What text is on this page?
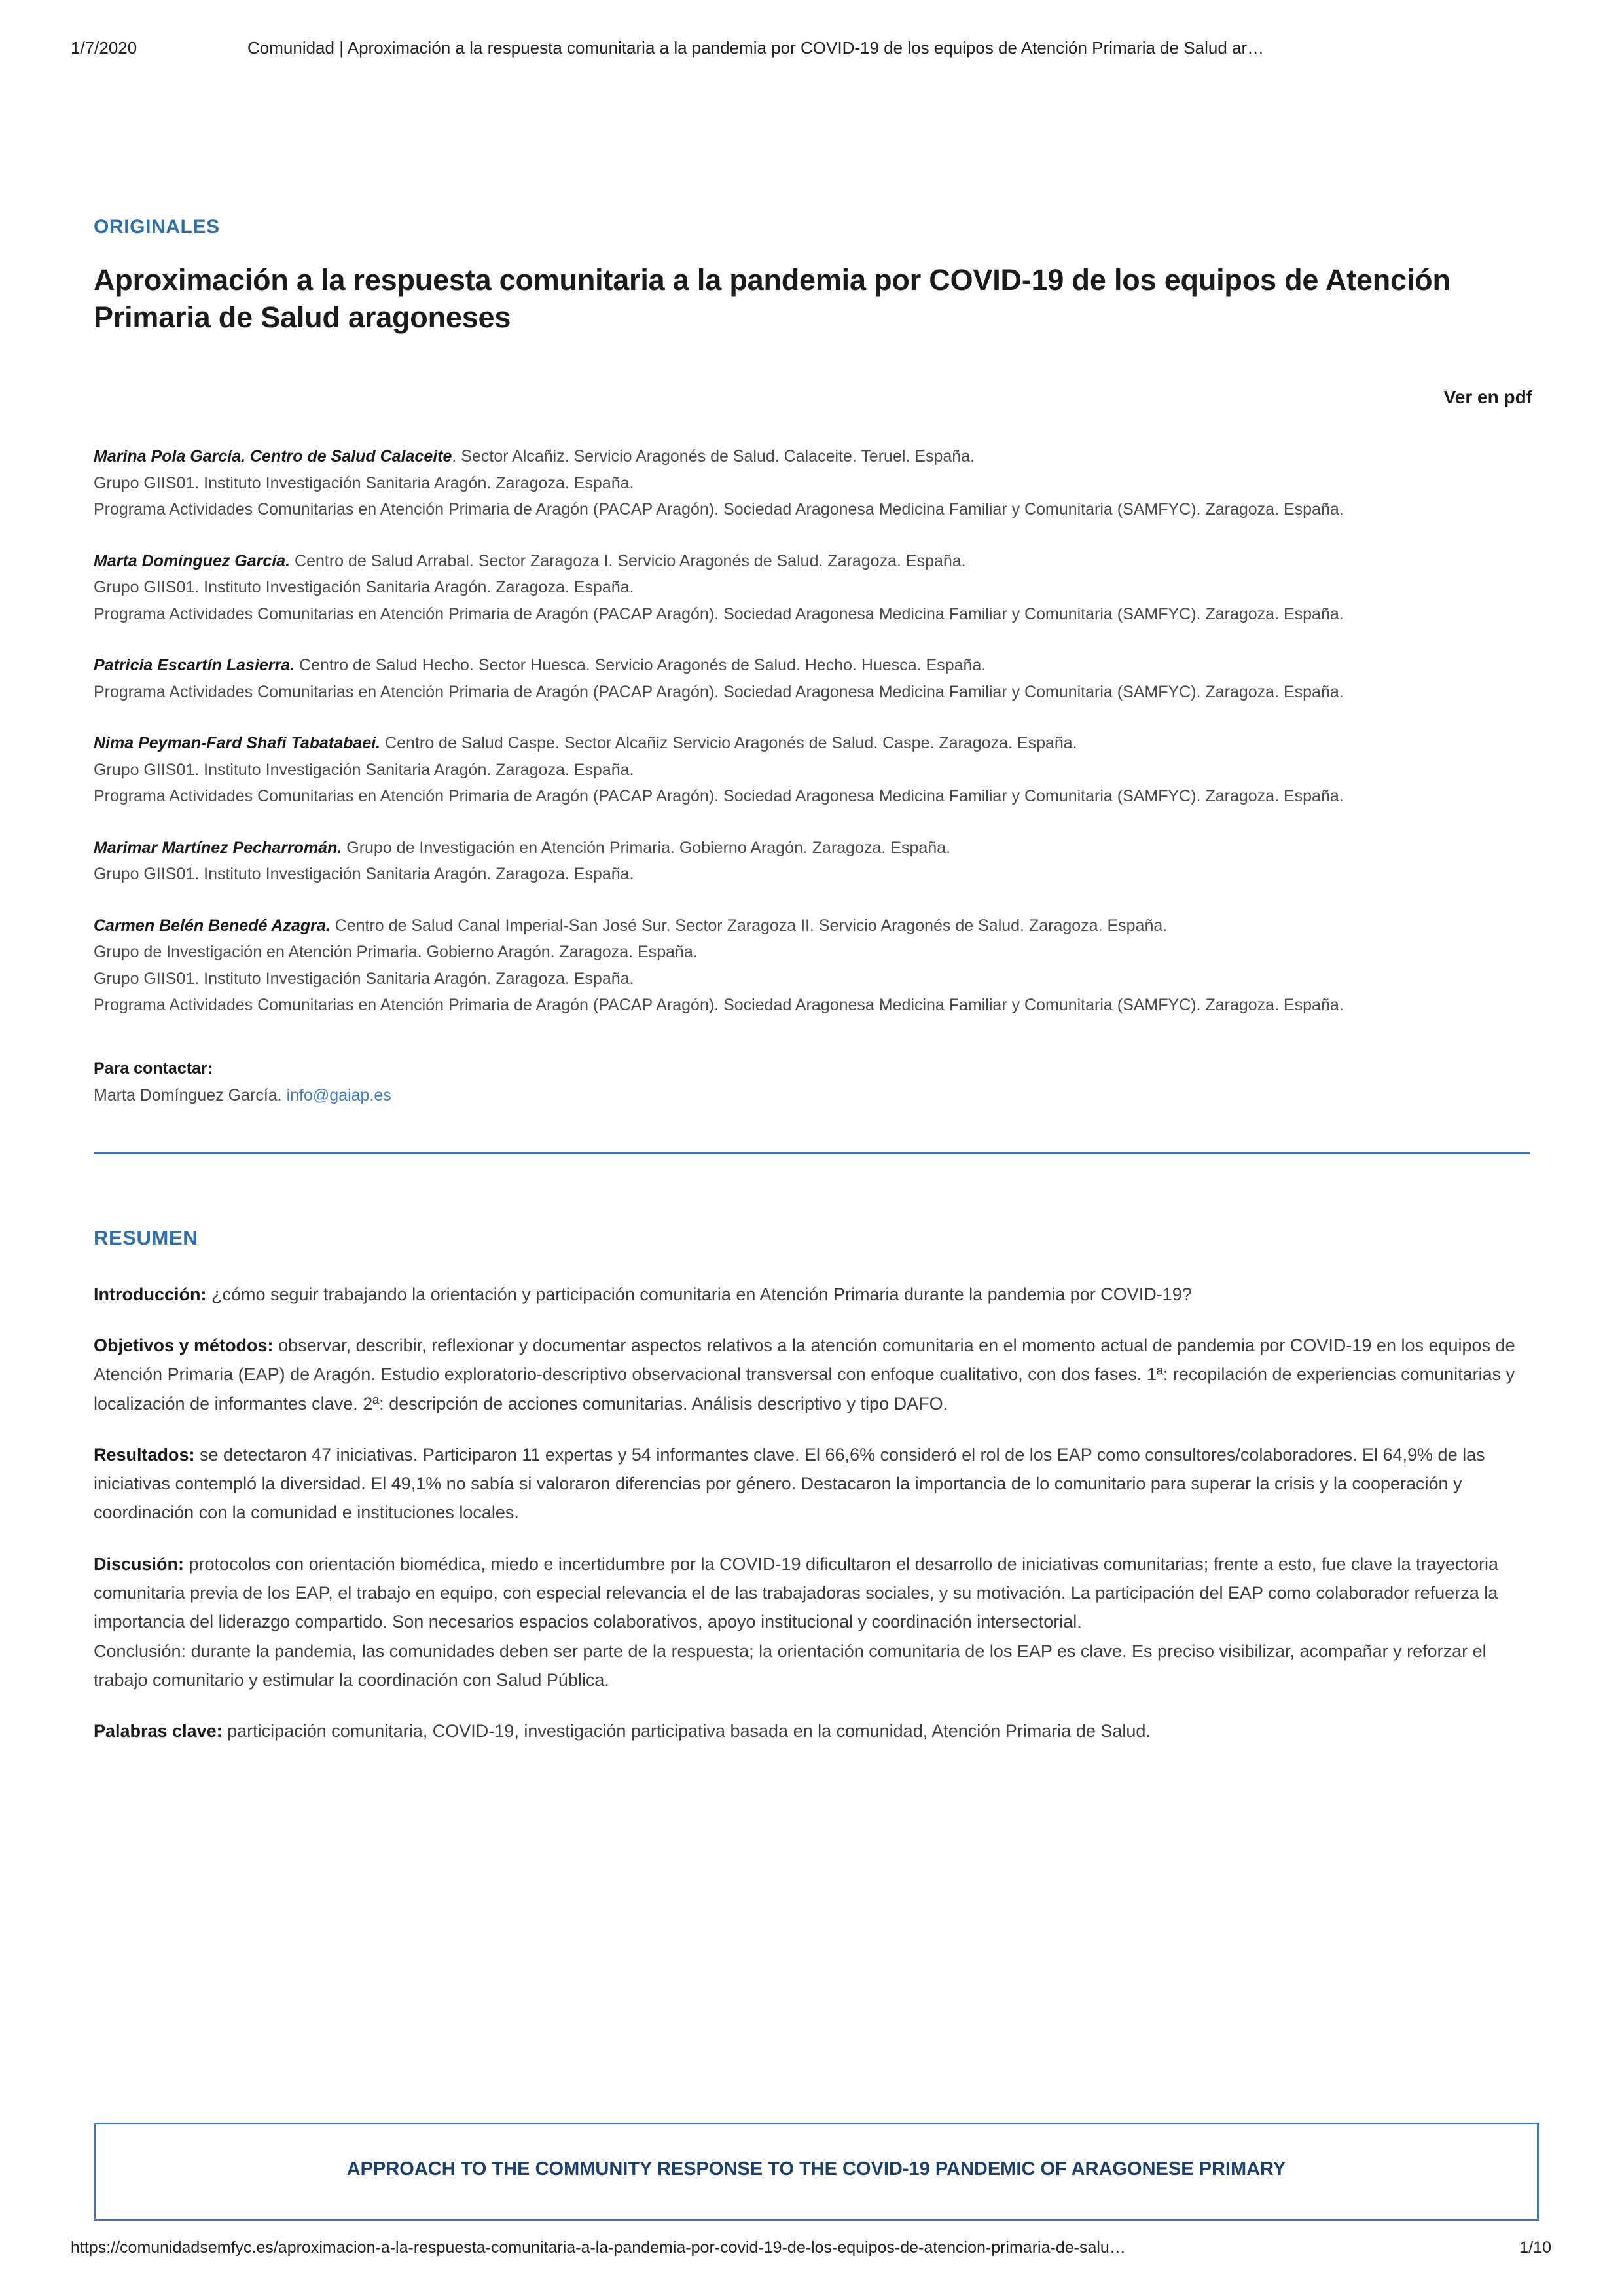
1/7/2020	Comunidad | Aproximación a la respuesta comunitaria a la pandemia por COVID-19 de los equipos de Atención Primaria de Salud ar…
ORIGINALES
Aproximación a la respuesta comunitaria a la pandemia por COVID-19 de los equipos de Atención Primaria de Salud aragoneses
Ver en pdf
Marina Pola García. Centro de Salud Calaceite. Sector Alcañiz. Servicio Aragonés de Salud. Calaceite. Teruel. España.
Grupo GIIS01. Instituto Investigación Sanitaria Aragón. Zaragoza. España.
Programa Actividades Comunitarias en Atención Primaria de Aragón (PACAP Aragón). Sociedad Aragonesa Medicina Familiar y Comunitaria (SAMFYC). Zaragoza. España.
Marta Domínguez García. Centro de Salud Arrabal. Sector Zaragoza I. Servicio Aragonés de Salud. Zaragoza. España.
Grupo GIIS01. Instituto Investigación Sanitaria Aragón. Zaragoza. España.
Programa Actividades Comunitarias en Atención Primaria de Aragón (PACAP Aragón). Sociedad Aragonesa Medicina Familiar y Comunitaria (SAMFYC). Zaragoza. España.
Patricia Escartín Lasierra. Centro de Salud Hecho. Sector Huesca. Servicio Aragonés de Salud. Hecho. Huesca. España.
Programa Actividades Comunitarias en Atención Primaria de Aragón (PACAP Aragón). Sociedad Aragonesa Medicina Familiar y Comunitaria (SAMFYC). Zaragoza. España.
Nima Peyman-Fard Shafi Tabatabaei. Centro de Salud Caspe. Sector Alcañiz Servicio Aragonés de Salud. Caspe. Zaragoza. España.
Grupo GIIS01. Instituto Investigación Sanitaria Aragón. Zaragoza. España.
Programa Actividades Comunitarias en Atención Primaria de Aragón (PACAP Aragón). Sociedad Aragonesa Medicina Familiar y Comunitaria (SAMFYC). Zaragoza. España.
Marimar Martínez Pecharromán. Grupo de Investigación en Atención Primaria. Gobierno Aragón. Zaragoza. España.
Grupo GIIS01. Instituto Investigación Sanitaria Aragón. Zaragoza. España.
Carmen Belén Benedé Azagra. Centro de Salud Canal Imperial-San José Sur. Sector Zaragoza II. Servicio Aragonés de Salud. Zaragoza. España.
Grupo de Investigación en Atención Primaria. Gobierno Aragón. Zaragoza. España.
Grupo GIIS01. Instituto Investigación Sanitaria Aragón. Zaragoza. España.
Programa Actividades Comunitarias en Atención Primaria de Aragón (PACAP Aragón). Sociedad Aragonesa Medicina Familiar y Comunitaria (SAMFYC). Zaragoza. España.
Para contactar:
Marta Domínguez García. info@gaiap.es
RESUMEN

Introducción: ¿cómo seguir trabajando la orientación y participación comunitaria en Atención Primaria durante la pandemia por COVID-19?

Objetivos y métodos: observar, describir, reflexionar y documentar aspectos relativos a la atención comunitaria en el momento actual de pandemia por COVID-19 en los equipos de Atención Primaria (EAP) de Aragón. Estudio exploratorio-descriptivo observacional transversal con enfoque cualitativo, con dos fases. 1ª: recopilación de experiencias comunitarias y localización de informantes clave. 2ª: descripción de acciones comunitarias. Análisis descriptivo y tipo DAFO.

Resultados: se detectaron 47 iniciativas. Participaron 11 expertas y 54 informantes clave. El 66,6% consideró el rol de los EAP como consultores/colaboradores. El 64,9% de las iniciativas contempló la diversidad. El 49,1% no sabía si valoraron diferencias por género. Destacaron la importancia de lo comunitario para superar la crisis y la cooperación y coordinación con la comunidad e instituciones locales.

Discusión: protocolos con orientación biomédica, miedo e incertidumbre por la COVID-19 dificultaron el desarrollo de iniciativas comunitarias; frente a esto, fue clave la trayectoria comunitaria previa de los EAP, el trabajo en equipo, con especial relevancia el de las trabajadoras sociales, y su motivación. La participación del EAP como colaborador refuerza la importancia del liderazgo compartido. Son necesarios espacios colaborativos, apoyo institucional y coordinación intersectorial.
Conclusión: durante la pandemia, las comunidades deben ser parte de la respuesta; la orientación comunitaria de los EAP es clave. Es preciso visibilizar, acompañar y reforzar el trabajo comunitario y estimular la coordinación con Salud Pública.

Palabras clave: participación comunitaria, COVID-19, investigación participativa basada en la comunidad, Atención Primaria de Salud.

APPROACH TO THE COMMUNITY RESPONSE TO THE COVID-19 PANDEMIC OF ARAGONESE PRIMARY
https://comunidadsemfyc.es/aproximacion-a-la-respuesta-comunitaria-a-la-pandemia-por-covid-19-de-los-equipos-de-atencion-primaria-de-salu…	1/10
